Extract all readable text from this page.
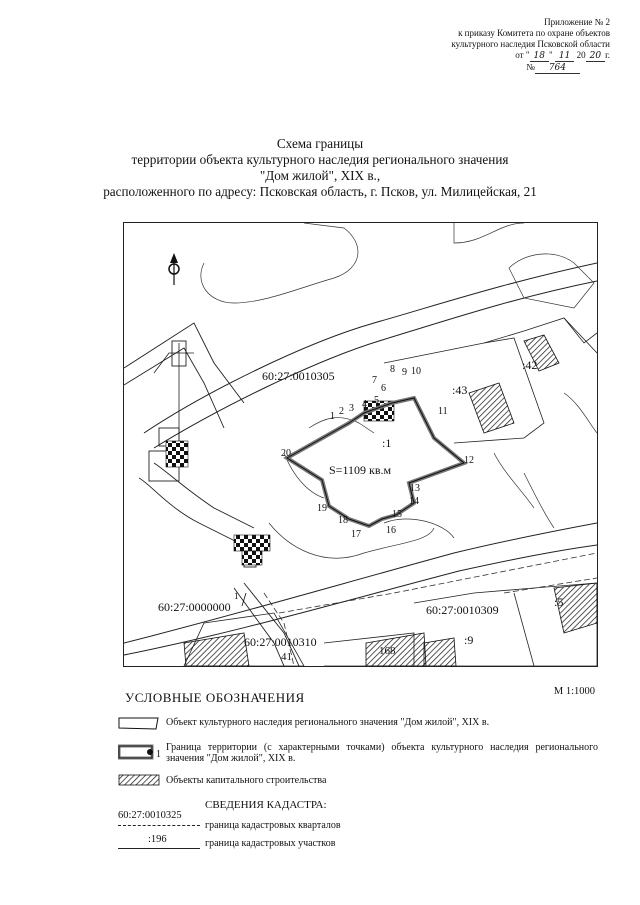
Приложение № 2
к приказу Комитета по охране объектов
культурного наследия Псковской области
от " 18 " 11 20 20 г.
№ 764
Схема границы
территории объекта культурного наследия регионального значения
"Дом жилой", XIX в.,
расположенного по адресу: Псковская область, г. Псков, ул. Милицейская, 21
60:27:0010305
60:27:0000000
60:27:0010310
60:27:0010309
:1
:43
:42
:5
:9
41	168
S=1109 кв.м
1
1 2 3 4 5
6
7
8 9 10
11
12
13
14
15
16
17
18
19
20
УСЛОВНЫЕ ОБОЗНАЧЕНИЯ	М 1:1000
Объект культурного наследия регионального значения "Дом жилой", XIX в.
1
Граница территории (с характерными точками) объекта культурного наследия регионального значения "Дом жилой", XIX в.
Объекты капитального строительства
СВЕДЕНИЯ КАДАСТРА:
60:27:0010325
граница кадастровых кварталов
:196	граница кадастровых участков
